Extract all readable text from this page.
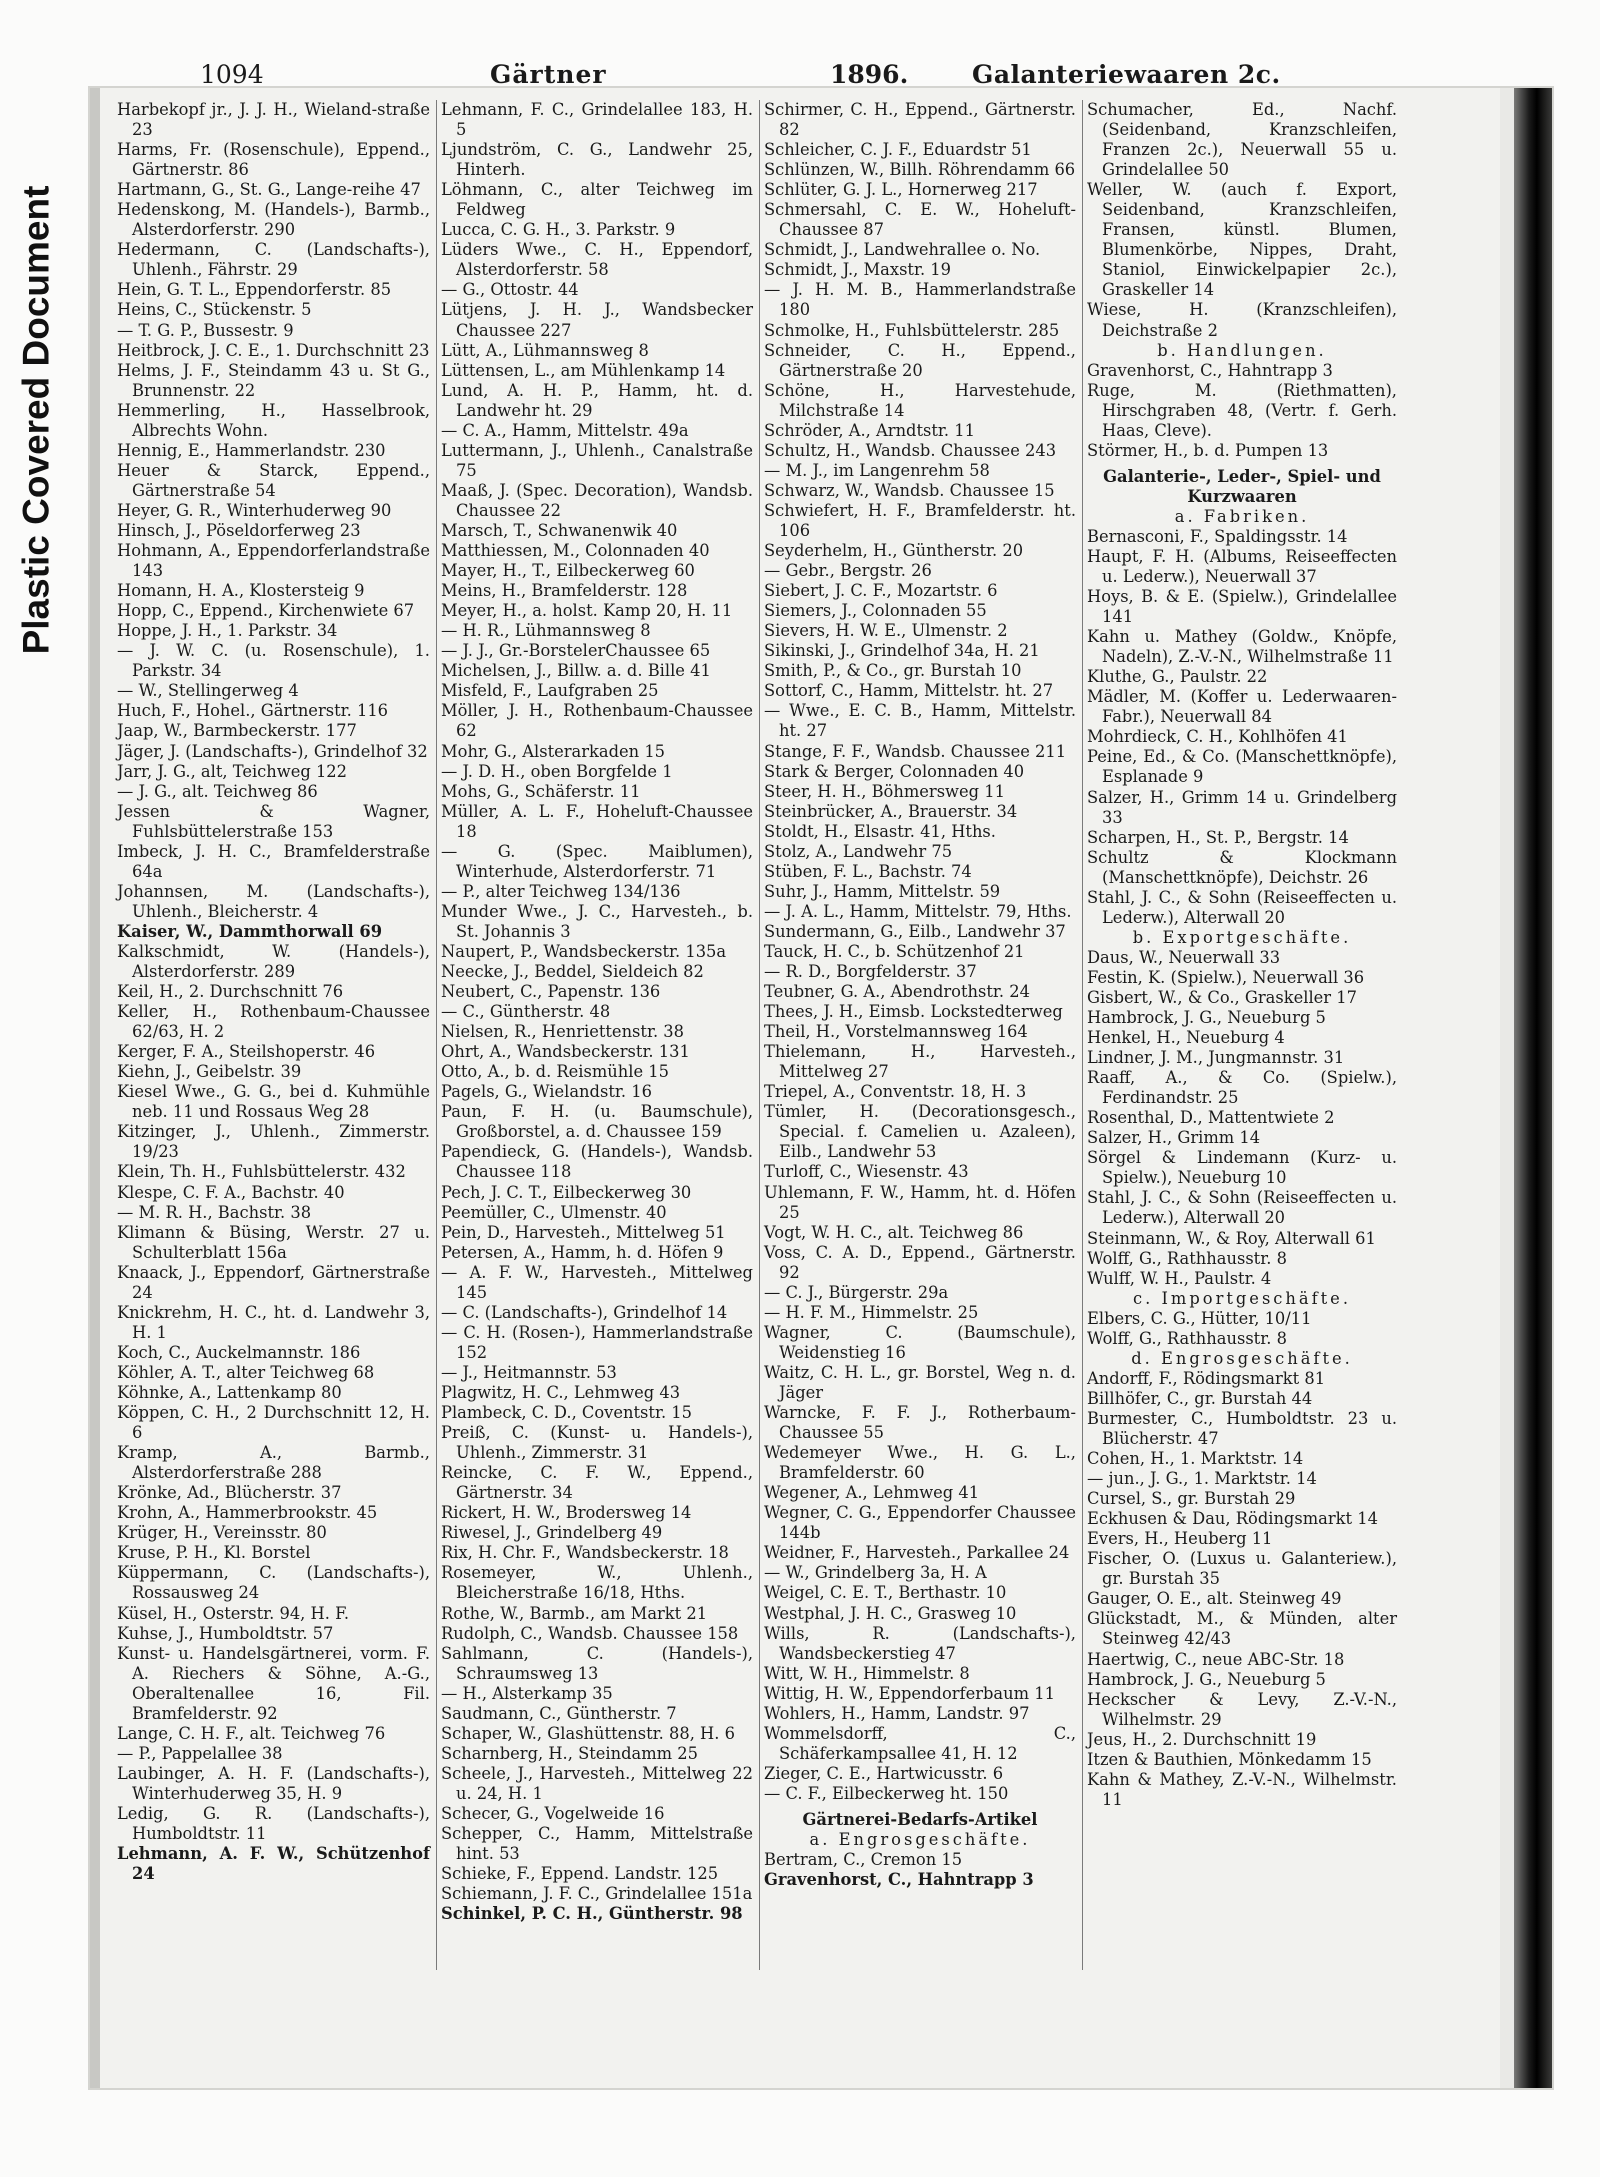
Plastic Covered Document
1094	Gärtner	1896.	Galanteriewaaren 2c.
Harbekopf jr., J. J. H., Wieland-straße 23
Harms, Fr. (Rosenschule), Eppend., Gärtnerstr. 86
Hartmann, G., St. G., Lange-reihe 47
Hedenskong, M. (Handels-), Barmb., Alsterdorferstr. 290
Hedermann, C. (Landschafts-), Uhlenh., Fährstr. 29
Hein, G. T. L., Eppendorferstr. 85
Heins, C., Stückenstr. 5
— T. G. P., Bussestr. 9
Heitbrock, J. C. E., 1. Durchschnitt 23
Helms, J. F., Steindamm 43 u. St G., Brunnenstr. 22
Hemmerling, H., Hasselbrook, Albrechts Wohn.
Hennig, E., Hammerlandstr. 230
Heuer & Starck, Eppend., Gärtnerstraße 54
Heyer, G. R., Winterhuderweg 90
Hinsch, J., Pöseldorferweg 23
Hohmann, A., Eppendorferlandstraße 143
Homann, H. A., Klostersteig 9
Hopp, C., Eppend., Kirchenwiete 67
Hoppe, J. H., 1. Parkstr. 34
— J. W. C. (u. Rosenschule), 1. Parkstr. 34
— W., Stellingerweg 4
Huch, F., Hohel., Gärtnerstr. 116
Jaap, W., Barmbeckerstr. 177
Jäger, J. (Landschafts-), Grindelhof 32
Jarr, J. G., alt, Teichweg 122
— J. G., alt. Teichweg 86
Jessen & Wagner, Fuhlsbüttelerstraße 153
Imbeck, J. H. C., Bramfelderstraße 64a
Johannsen, M. (Landschafts-), Uhlenh., Bleicherstr. 4
Kaiser, W., Dammthorwall 69
Kalkschmidt, W. (Handels-), Alsterdorferstr. 289
Keil, H., 2. Durchschnitt 76
Keller, H., Rothenbaum-Chaussee 62/63, H. 2
Kerger, F. A., Steilshoperstr. 46
Kiehn, J., Geibelstr. 39
Kiesel Wwe., G. G., bei d. Kuhmühle neb. 11 und Rossaus Weg 28
Kitzinger, J., Uhlenh., Zimmerstr. 19/23
Klein, Th. H., Fuhlsbüttelerstr. 432
Klespe, C. F. A., Bachstr. 40
— M. R. H., Bachstr. 38
Klimann & Büsing, Werstr. 27 u. Schulterblatt 156a
Knaack, J., Eppendorf, Gärtnerstraße 24
Knickrehm, H. C., ht. d. Landwehr 3, H. 1
Koch, C., Auckelmannstr. 186
Köhler, A. T., alter Teichweg 68
Köhnke, A., Lattenkamp 80
Köppen, C. H., 2 Durchschnitt 12, H. 6
Kramp, A., Barmb., Alsterdorferstraße 288
Krönke, Ad., Blücherstr. 37
Krohn, A., Hammerbrookstr. 45
Krüger, H., Vereinsstr. 80
Kruse, P. H., Kl. Borstel
Küppermann, C. (Landschafts-), Rossausweg 24
Küsel, H., Osterstr. 94, H. F.
Kuhse, J., Humboldtstr. 57
Kunst- u. Handelsgärtnerei, vorm. F. A. Riechers & Söhne, A.-G., Oberaltenallee 16, Fil. Bramfelderstr. 92
Lange, C. H. F., alt. Teichweg 76
— P., Pappelallee 38
Laubinger, A. H. F. (Landschafts-), Winterhuderweg 35, H. 9
Ledig, G. R. (Landschafts-), Humboldtstr. 11
Lehmann, A. F. W., Schützenhof 24
Lehmann, F. C., Grindelallee 183, H. 5
Ljundström, C. G., Landwehr 25, Hinterh.
Löhmann, C., alter Teichweg im Feldweg
Lucca, C. G. H., 3. Parkstr. 9
Lüders Wwe., C. H., Eppendorf, Alsterdorferstr. 58
— G., Ottostr. 44
Lütjens, J. H. J., Wandsbecker Chaussee 227
Lütt, A., Lühmannsweg 8
Lüttensen, L., am Mühlenkamp 14
Lund, A. H. P., Hamm, ht. d. Landwehr ht. 29
— C. A., Hamm, Mittelstr. 49a
Luttermann, J., Uhlenh., Canalstraße 75
Maaß, J. (Spec. Decoration), Wandsb. Chaussee 22
Marsch, T., Schwanenwik 40
Matthiessen, M., Colonnaden 40
Mayer, H., T., Eilbeckerweg 60
Meins, H., Bramfelderstr. 128
Meyer, H., a. holst. Kamp 20, H. 11
— H. R., Lühmannsweg 8
— J. J., Gr.-BorstelerChaussee 65
Michelsen, J., Billw. a. d. Bille 41
Misfeld, F., Laufgraben 25
Möller, J. H., Rothenbaum-Chaussee 62
Mohr, G., Alsterarkaden 15
— J. D. H., oben Borgfelde 1
Mohs, G., Schäferstr. 11
Müller, A. L. F., Hoheluft-Chaussee 18
— G. (Spec. Maiblumen), Winterhude, Alsterdorferstr. 71
— P., alter Teichweg 134/136
Munder Wwe., J. C., Harvesteh., b. St. Johannis 3
Naupert, P., Wandsbeckerstr. 135a
Neecke, J., Beddel, Sieldeich 82
Neubert, C., Papenstr. 136
— C., Güntherstr. 48
Nielsen, R., Henriettenstr. 38
Ohrt, A., Wandsbeckerstr. 131
Otto, A., b. d. Reismühle 15
Pagels, G., Wielandstr. 16
Paun, F. H. (u. Baumschule), Großborstel, a. d. Chaussee 159
Papendieck, G. (Handels-), Wandsb. Chaussee 118
Pech, J. C. T., Eilbeckerweg 30
Peemüller, C., Ulmenstr. 40
Pein, D., Harvesteh., Mittelweg 51
Petersen, A., Hamm, h. d. Höfen 9
— A. F. W., Harvesteh., Mittelweg 145
— C. (Landschafts-), Grindelhof 14
— C. H. (Rosen-), Hammerlandstraße 152
— J., Heitmannstr. 53
Plagwitz, H. C., Lehmweg 43
Plambeck, C. D., Coventstr. 15
Preiß, C. (Kunst- u. Handels-), Uhlenh., Zimmerstr. 31
Reincke, C. F. W., Eppend., Gärtnerstr. 34
Rickert, H. W., Brodersweg 14
Riwesel, J., Grindelberg 49
Rix, H. Chr. F., Wandsbeckerstr. 18
Rosemeyer, W., Uhlenh., Bleicherstraße 16/18, Hths.
Rothe, W., Barmb., am Markt 21
Rudolph, C., Wandsb. Chaussee 158
Sahlmann, C. (Handels-), Schraumsweg 13
— H., Alsterkamp 35
Saudmann, C., Güntherstr. 7
Schaper, W., Glashüttenstr. 88, H. 6
Scharnberg, H., Steindamm 25
Scheele, J., Harvesteh., Mittelweg 22 u. 24, H. 1
Schecer, G., Vogelweide 16
Schepper, C., Hamm, Mittelstraße hint. 53
Schieke, F., Eppend. Landstr. 125
Schiemann, J. F. C., Grindelallee 151a
Schinkel, P. C. H., Güntherstr. 98
Schirmer, C. H., Eppend., Gärtnerstr. 82
Schleicher, C. J. F., Eduardstr 51
Schlünzen, W., Billh. Röhrendamm 66
Schlüter, G. J. L., Hornerweg 217
Schmersahl, C. E. W., Hoheluft-Chaussee 87
Schmidt, J., Landwehrallee o. No.
Schmidt, J., Maxstr. 19
— J. H. M. B., Hammerlandstraße 180
Schmolke, H., Fuhlsbüttelerstr. 285
Schneider, C. H., Eppend., Gärtnerstraße 20
Schöne, H., Harvestehude, Milchstraße 14
Schröder, A., Arndtstr. 11
Schultz, H., Wandsb. Chaussee 243
— M. J., im Langenrehm 58
Schwarz, W., Wandsb. Chaussee 15
Schwiefert, H. F., Bramfelderstr. ht. 106
Seyderhelm, H., Güntherstr. 20
— Gebr., Bergstr. 26
Siebert, J. C. F., Mozartstr. 6
Siemers, J., Colonnaden 55
Sievers, H. W. E., Ulmenstr. 2
Sikinski, J., Grindelhof 34a, H. 21
Smith, P., & Co., gr. Burstah 10
Sottorf, C., Hamm, Mittelstr. ht. 27
— Wwe., E. C. B., Hamm, Mittelstr. ht. 27
Stange, F. F., Wandsb. Chaussee 211
Stark & Berger, Colonnaden 40
Steer, H. H., Böhmersweg 11
Steinbrücker, A., Brauerstr. 34
Stoldt, H., Elsastr. 41, Hths.
Stolz, A., Landwehr 75
Stüben, F. L., Bachstr. 74
Suhr, J., Hamm, Mittelstr. 59
— J. A. L., Hamm, Mittelstr. 79, Hths.
Sundermann, G., Eilb., Landwehr 37
Tauck, H. C., b. Schützenhof 21
— R. D., Borgfelderstr. 37
Teubner, G. A., Abendrothstr. 24
Thees, J. H., Eimsb. Lockstedterweg
Theil, H., Vorstelmannsweg 164
Thielemann, H., Harvesteh., Mittelweg 27
Triepel, A., Conventstr. 18, H. 3
Tümler, H. (Decorationsgesch., Special. f. Camelien u. Azaleen), Eilb., Landwehr 53
Turloff, C., Wiesenstr. 43
Uhlemann, F. W., Hamm, ht. d. Höfen 25
Vogt, W. H. C., alt. Teichweg 86
Voss, C. A. D., Eppend., Gärtnerstr. 92
— C. J., Bürgerstr. 29a
— H. F. M., Himmelstr. 25
Wagner, C. (Baumschule), Weidenstieg 16
Waitz, C. H. L., gr. Borstel, Weg n. d. Jäger
Warncke, F. F. J., Rotherbaum-Chaussee 55
Wedemeyer Wwe., H. G. L., Bramfelderstr. 60
Wegener, A., Lehmweg 41
Wegner, C. G., Eppendorfer Chaussee 144b
Weidner, F., Harvesteh., Parkallee 24
— W., Grindelberg 3a, H. A
Weigel, C. E. T., Berthastr. 10
Westphal, J. H. C., Grasweg 10
Wills, R. (Landschafts-), Wandsbeckerstieg 47
Witt, W. H., Himmelstr. 8
Wittig, H. W., Eppendorferbaum 11
Wohlers, H., Hamm, Landstr. 97
Wommelsdorff, C., Schäferkampsallee 41, H. 12
Zieger, C. E., Hartwicusstr. 6
— C. F., Eilbeckerweg ht. 150
Gärtnerei-Bedarfs-Artikel
a. Engrosgeschäfte.
Bertram, C., Cremon 15
Gravenhorst, C., Hahntrapp 3
Schumacher, Ed., Nachf. (Seidenband, Kranzschleifen, Franzen 2c.), Neuerwall 55 u. Grindelallee 50
Weller, W. (auch f. Export, Seidenband, Kranzschleifen, Fransen, künstl. Blumen, Blumenkörbe, Nippes, Draht, Staniol, Einwickelpapier 2c.), Graskeller 14
Wiese, H. (Kranzschleifen), Deichstraße 2
b. Handlungen.
Gravenhorst, C., Hahntrapp 3
Ruge, M. (Riethmatten), Hirschgraben 48, (Vertr. f. Gerh. Haas, Cleve).
Störmer, H., b. d. Pumpen 13
Galanterie-, Leder-, Spiel- und Kurzwaaren
a. Fabriken.
Bernasconi, F., Spaldingsstr. 14
Haupt, F. H. (Albums, Reiseeffecten u. Lederw.), Neuerwall 37
Hoys, B. & E. (Spielw.), Grindelallee 141
Kahn u. Mathey (Goldw., Knöpfe, Nadeln), Z.-V.-N., Wilhelmstraße 11
Kluthe, G., Paulstr. 22
Mädler, M. (Koffer u. Lederwaaren-Fabr.), Neuerwall 84
Mohrdieck, C. H., Kohlhöfen 41
Peine, Ed., & Co. (Manschettknöpfe), Esplanade 9
Salzer, H., Grimm 14 u. Grindelberg 33
Scharpen, H., St. P., Bergstr. 14
Schultz & Klockmann (Manschettknöpfe), Deichstr. 26
Stahl, J. C., & Sohn (Reiseeffecten u. Lederw.), Alterwall 20
b. Exportgeschäfte.
Daus, W., Neuerwall 33
Festin, K. (Spielw.), Neuerwall 36
Gisbert, W., & Co., Graskeller 17
Hambrock, J. G., Neueburg 5
Henkel, H., Neueburg 4
Lindner, J. M., Jungmannstr. 31
Raaff, A., & Co. (Spielw.), Ferdinandstr. 25
Rosenthal, D., Mattentwiete 2
Salzer, H., Grimm 14
Sörgel & Lindemann (Kurz- u. Spielw.), Neueburg 10
Stahl, J. C., & Sohn (Reiseeffecten u. Lederw.), Alterwall 20
Steinmann, W., & Roy, Alterwall 61
Wolff, G., Rathhausstr. 8
Wulff, W. H., Paulstr. 4
c. Importgeschäfte.
Elbers, C. G., Hütter, 10/11
Wolff, G., Rathhausstr. 8
d. Engrosgeschäfte.
Andorff, F., Rödingsmarkt 81
Billhöfer, C., gr. Burstah 44
Burmester, C., Humboldtstr. 23 u. Blücherstr. 47
Cohen, H., 1. Marktstr. 14
— jun., J. G., 1. Marktstr. 14
Cursel, S., gr. Burstah 29
Eckhusen & Dau, Rödingsmarkt 14
Evers, H., Heuberg 11
Fischer, O. (Luxus u. Galanteriew.), gr. Burstah 35
Gauger, O. E., alt. Steinweg 49
Glückstadt, M., & Münden, alter Steinweg 42/43
Haertwig, C., neue ABC-Str. 18
Hambrock, J. G., Neueburg 5
Heckscher & Levy, Z.-V.-N., Wilhelmstr. 29
Jeus, H., 2. Durchschnitt 19
Itzen & Bauthien, Mönkedamm 15
Kahn & Mathey, Z.-V.-N., Wilhelmstr. 11
